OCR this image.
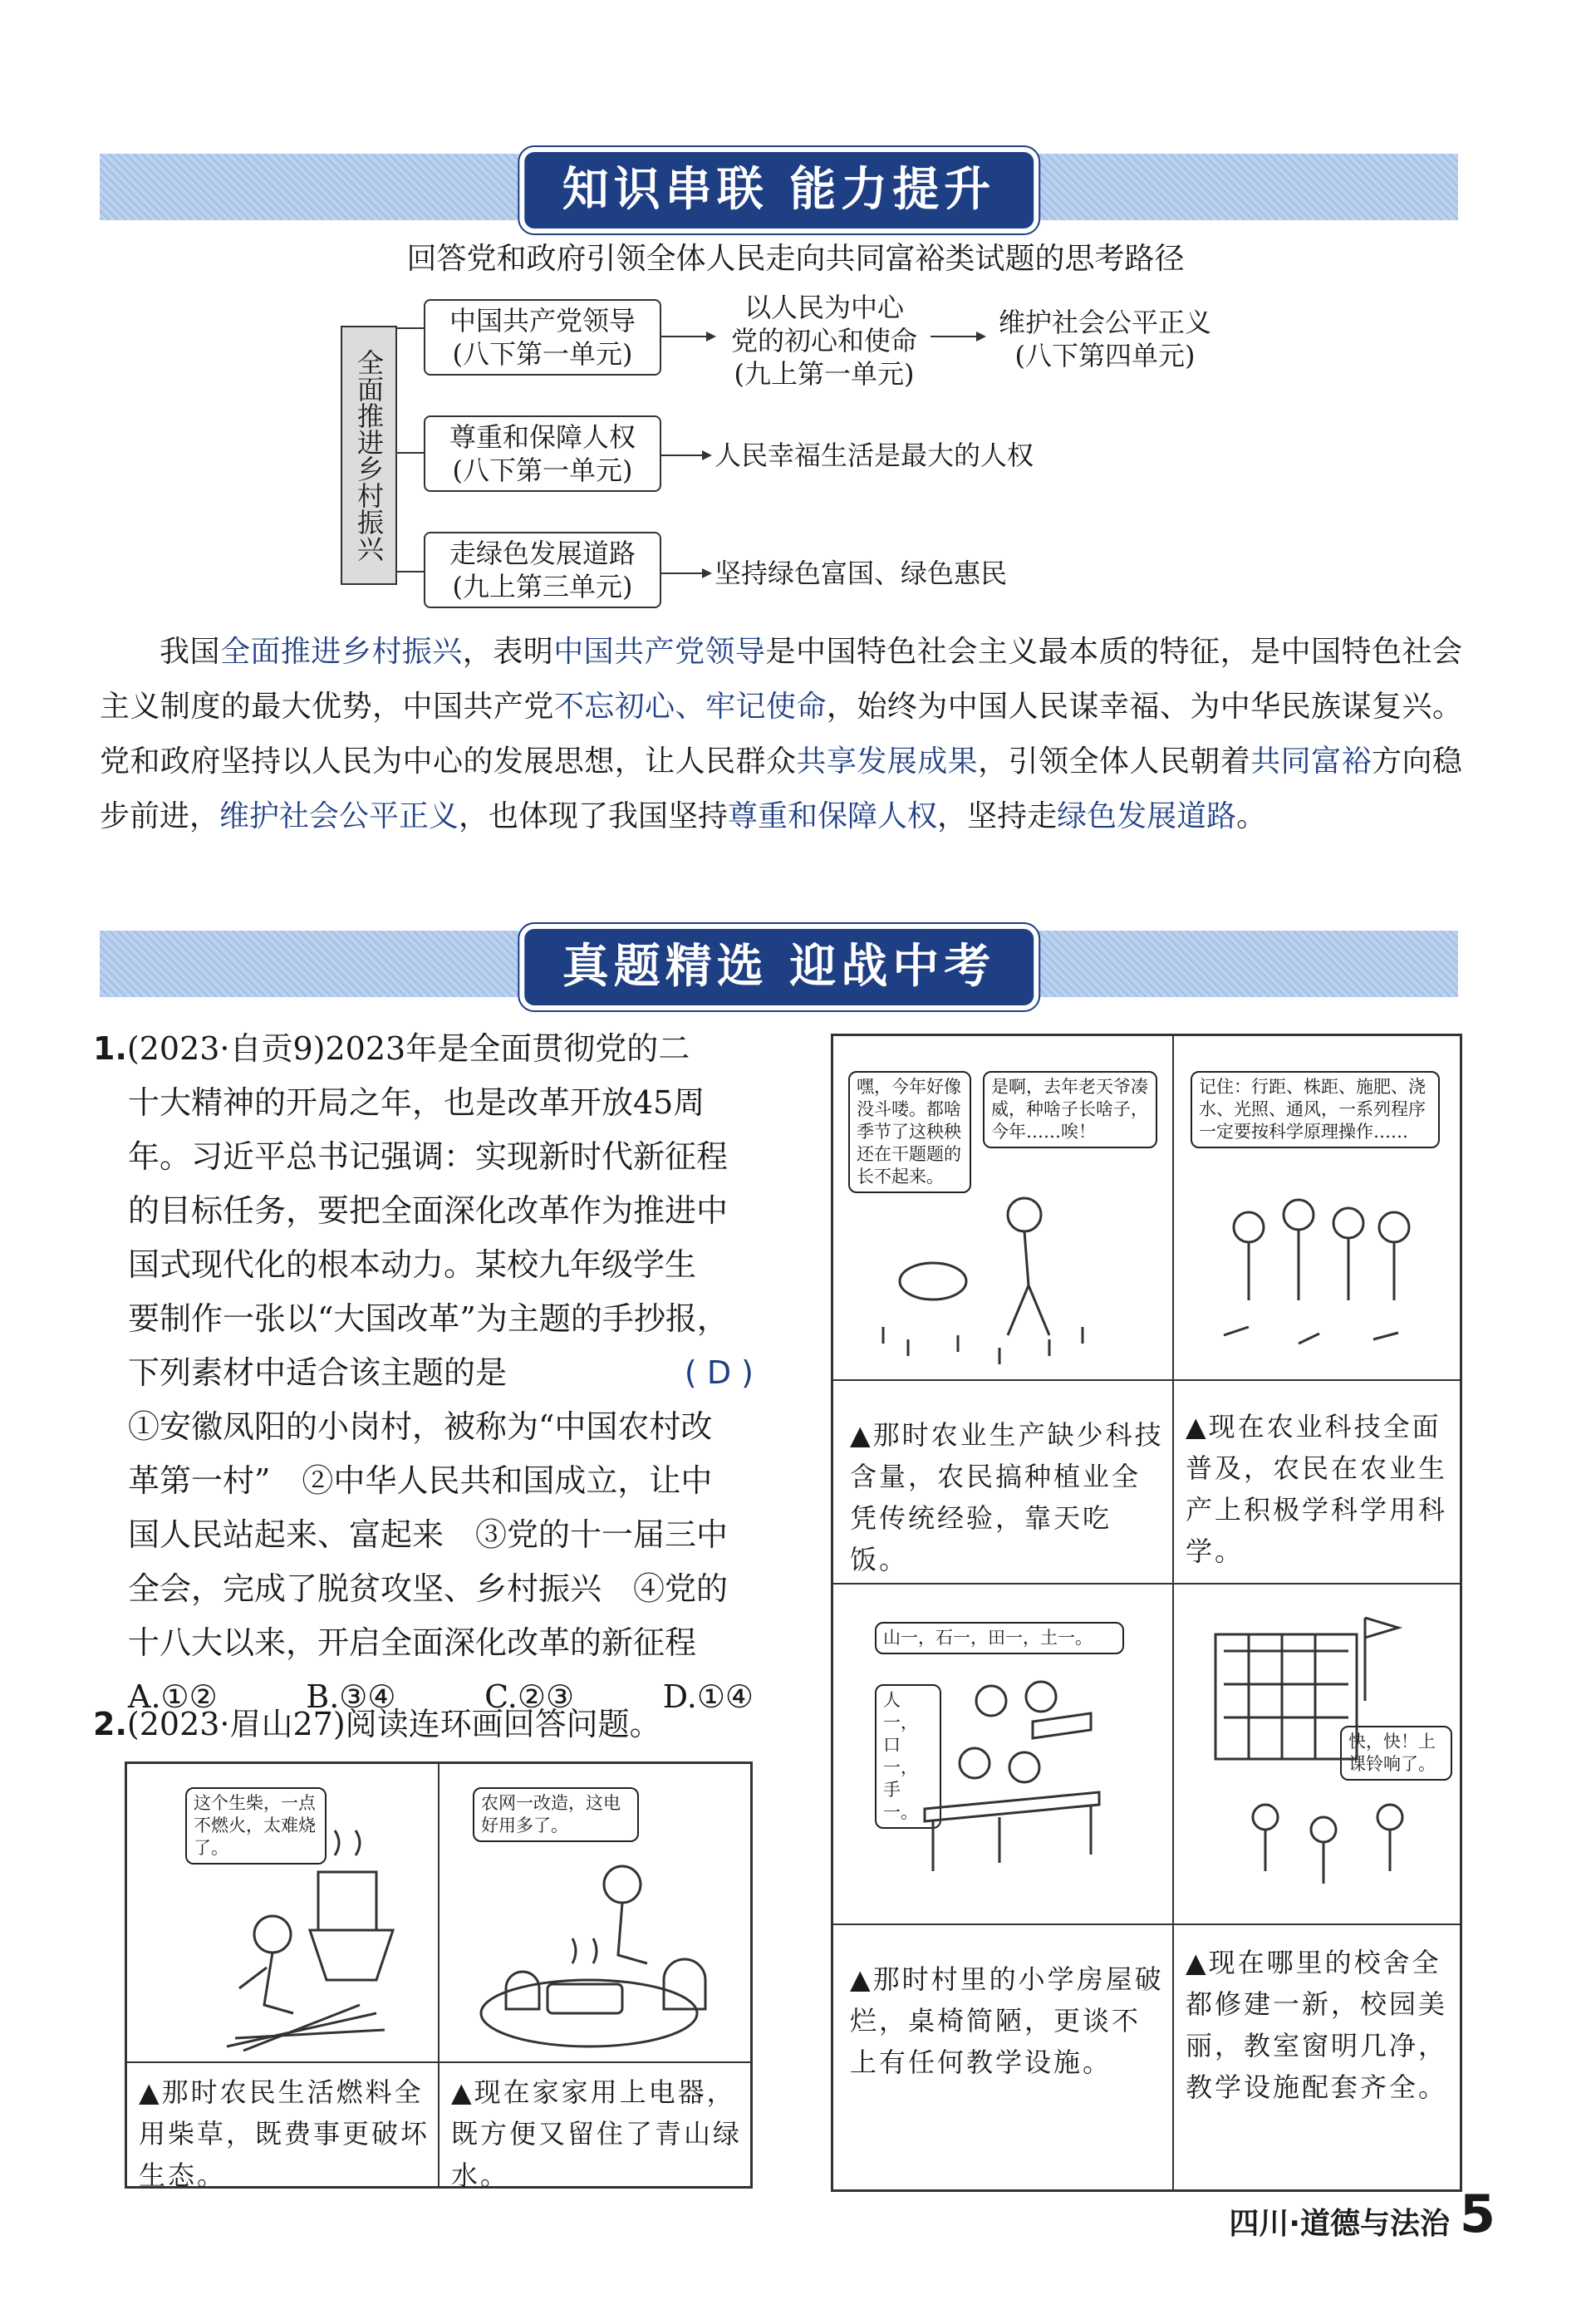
知识串联 能力提升
回答党和政府引领全体人民走向共同富裕类试题的思考路径
全面推进乡村振兴
中国共产党领导
(八下第一单元)
以人民为中心
党的初心和使命
(九上第一单元)
维护社会公平正义
(八下第四单元)
尊重和保障人权
(八下第一单元)	人民幸福生活是最大的人权
走绿色发展道路
(九上第三单元)	坚持绿色富国、绿色惠民
我国全面推进乡村振兴，表明中国共产党领导是中国特色社会主义最本质的特征，是中国特色社会主义制度的最大优势，中国共产党不忘初心、牢记使命，始终为中国人民谋幸福、为中华民族谋复兴。党和政府坚持以人民为中心的发展思想，让人民群众共享发展成果，引领全体人民朝着共同富裕方向稳步前进，维护社会公平正义，也体现了我国坚持尊重和保障人权，坚持走绿色发展道路。
真题精选 迎战中考
1.(2023·自贡9)2023年是全面贯彻党的二
十大精神的开局之年，也是改革开放45周
年。习近平总书记强调：实现新时代新征程
的目标任务，要把全面深化改革作为推进中
国式现代化的根本动力。某校九年级学生
要制作一张以“大国改革”为主题的手抄报，
下列素材中适合该主题的是	( D )
①安徽凤阳的小岗村，被称为“中国农村改
革第一村”　②中华人民共和国成立，让中
国人民站起来、富起来　③党的十一届三中
全会，完成了脱贫攻坚、乡村振兴　④党的
十八大以来，开启全面深化改革的新征程
A.①②	B.③④	C.②③	D.①④
2.(2023·眉山27)阅读连环画回答问题。
这个生柴，一点不燃火，太难烧了。
农网一改造，这电好用多了。
▲那时农民生活燃料全用柴草，既费事更破坏生态。
▲现在家家用上电器，既方便又留住了青山绿水。
嘿，今年好像没斗喽。都啥季节了这秧秧还在干题题的长不起来。
是啊，去年老天爷凑威，种啥子长啥子，今年……唉！
记住：行距、株距、施肥、浇水、光照、通风，一系列程序一定要按科学原理操作……
▲那时农业生产缺少科技含量，农民搞种植业全凭传统经验，靠天吃饭。
▲现在农业科技全面普及，农民在农业生产上积极学科学用科学。
山一，石一，田一，土一。
人一，口一，手一。
快，快！上课铃响了。
▲那时村里的小学房屋破烂，桌椅简陋，更谈不上有任何教学设施。
▲现在哪里的校舍全都修建一新，校园美丽，教室窗明几净，教学设施配套齐全。
四川·道德与法治 5
